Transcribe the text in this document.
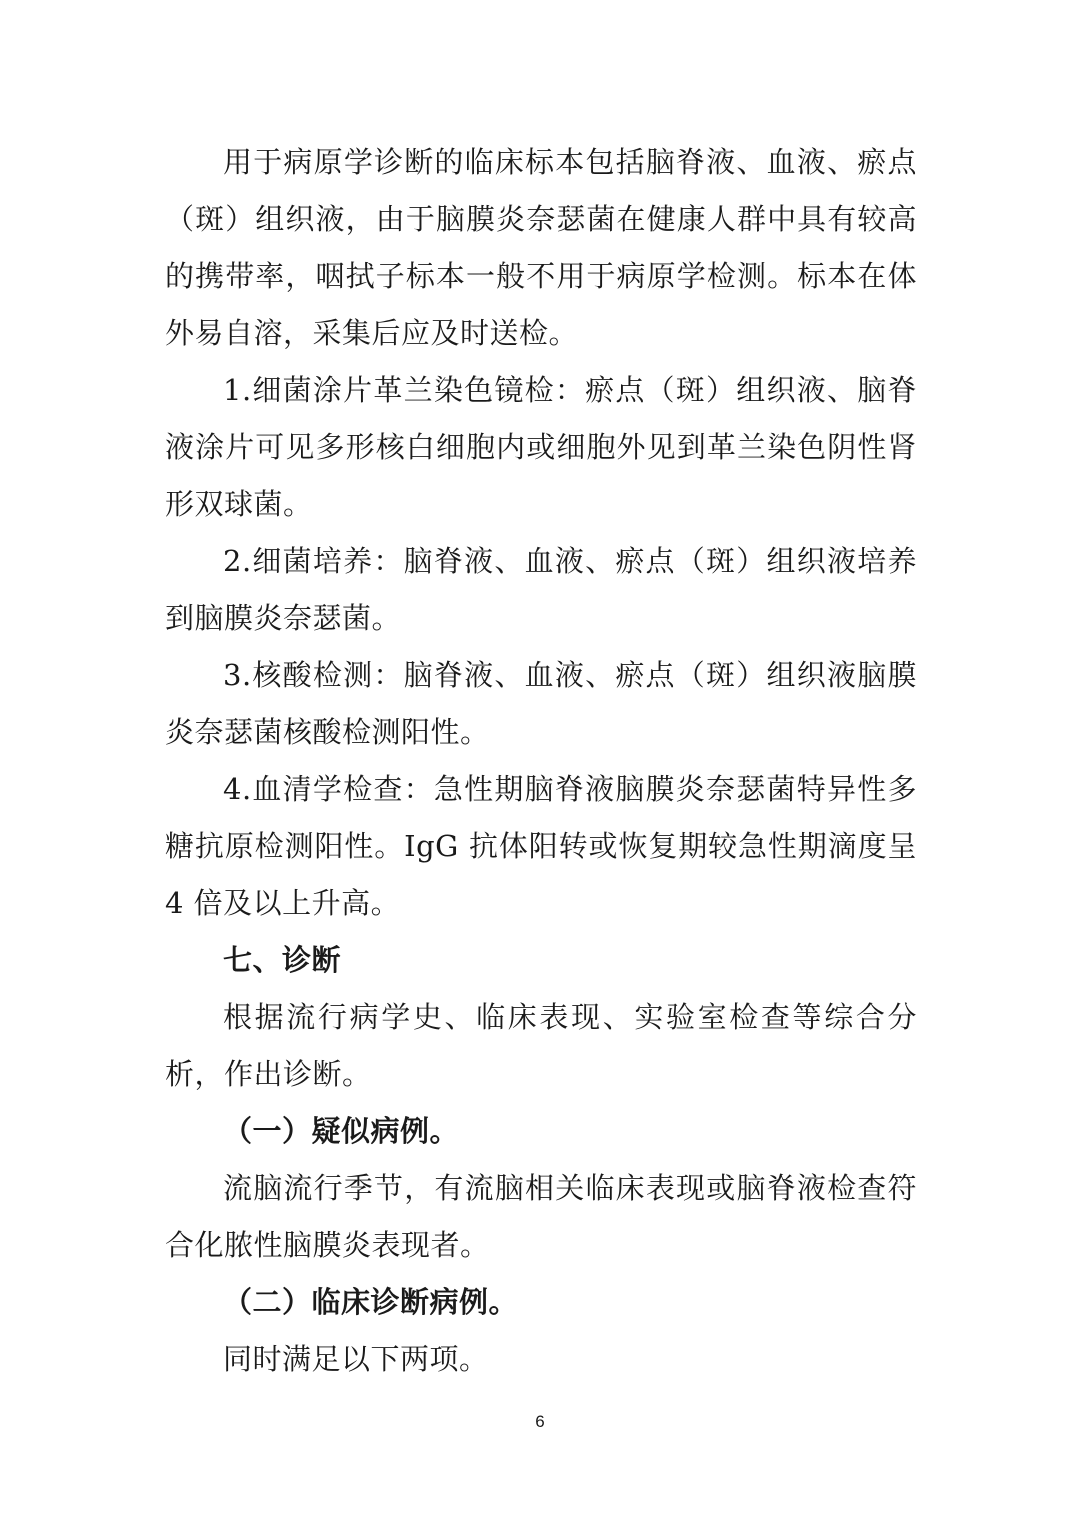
用于病原学诊断的临床标本包括脑脊液、血液、瘀点（斑）组织液，由于脑膜炎奈瑟菌在健康人群中具有较高的携带率，咽拭子标本一般不用于病原学检测。标本在体外易自溶，采集后应及时送检。

1.细菌涂片革兰染色镜检：瘀点（斑）组织液、脑脊液涂片可见多形核白细胞内或细胞外见到革兰染色阴性肾形双球菌。

2.细菌培养：脑脊液、血液、瘀点（斑）组织液培养到脑膜炎奈瑟菌。

3.核酸检测：脑脊液、血液、瘀点（斑）组织液脑膜炎奈瑟菌核酸检测阳性。

4.血清学检查：急性期脑脊液脑膜炎奈瑟菌特异性多糖抗原检测阳性。IgG 抗体阳转或恢复期较急性期滴度呈 4 倍及以上升高。

七、诊断

根据流行病学史、临床表现、实验室检查等综合分析，作出诊断。

（一）疑似病例。

流脑流行季节，有流脑相关临床表现或脑脊液检查符合化脓性脑膜炎表现者。

（二）临床诊断病例。

同时满足以下两项。

6
